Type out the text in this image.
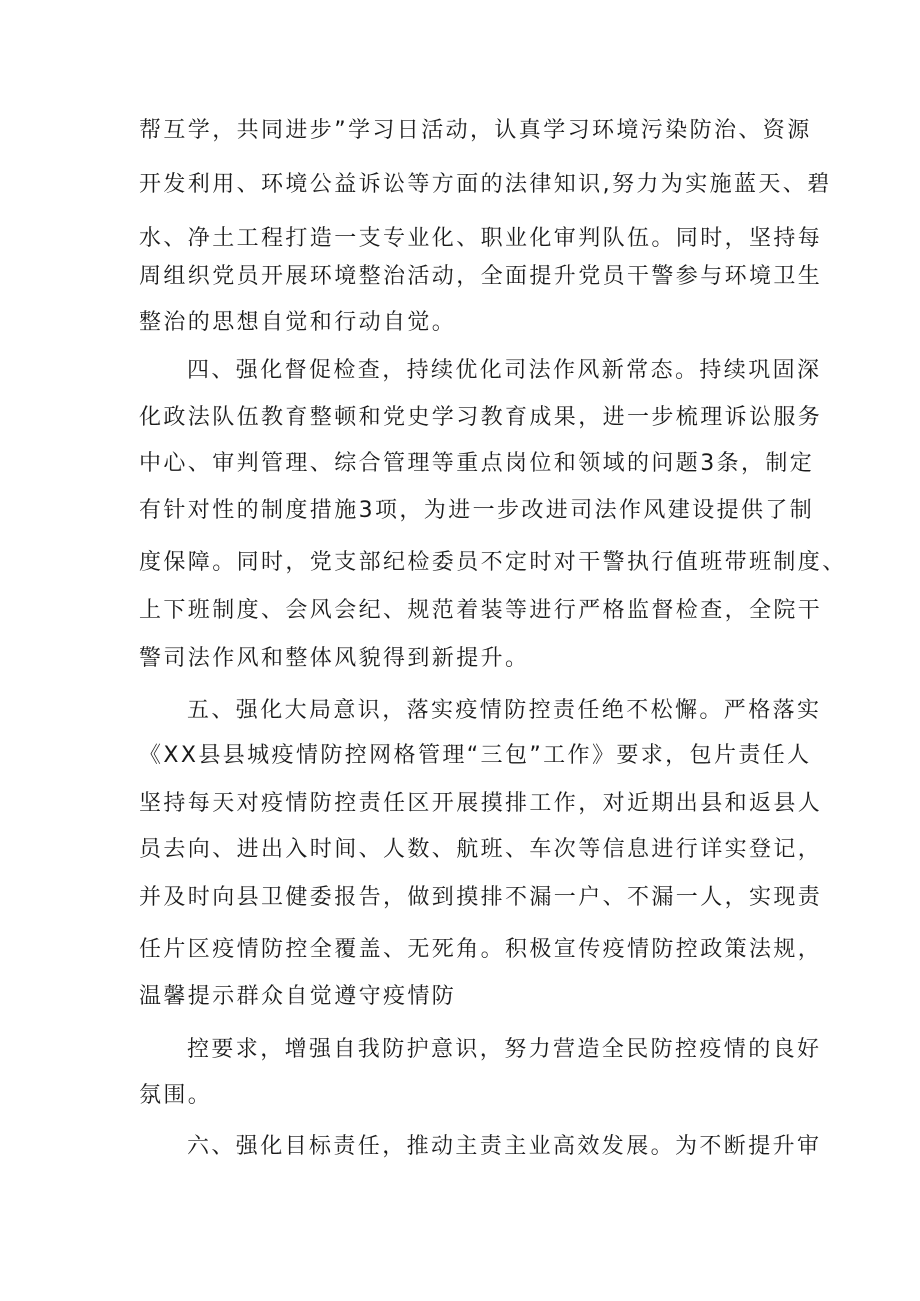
帮互学，共同进步”学习日活动，认真学习环境污染防治、资源
开发利用、环境公益诉讼等方面的法律知识,努力为实施蓝天、碧
水、净土工程打造一支专业化、职业化审判队伍。同时，坚持每
周组织党员开展环境整治活动，全面提升党员干警参与环境卫生
整治的思想自觉和行动自觉。
四、强化督促检查，持续优化司法作风新常态。持续巩固深
化政法队伍教育整顿和党史学习教育成果，进一步梳理诉讼服务
中心、审判管理、综合管理等重点岗位和领域的问题3条，制定
有针对性的制度措施3项，为进一步改进司法作风建设提供了制
度保障。同时，党支部纪检委员不定时对干警执行值班带班制度、
上下班制度、会风会纪、规范着装等进行严格监督检查，全院干
警司法作风和整体风貌得到新提升。
五、强化大局意识，落实疫情防控责任绝不松懈。严格落实
《XX县县城疫情防控网格管理“三包”工作》要求，包片责任人
坚持每天对疫情防控责任区开展摸排工作，对近期出县和返县人
员去向、进出入时间、人数、航班、车次等信息进行详实登记，
并及时向县卫健委报告，做到摸排不漏一户、不漏一人，实现责
任片区疫情防控全覆盖、无死角。积极宣传疫情防控政策法规，
温馨提示群众自觉遵守疫情防
控要求，增强自我防护意识，努力营造全民防控疫情的良好
氛围。
六、强化目标责任，推动主责主业高效发展。为不断提升审
